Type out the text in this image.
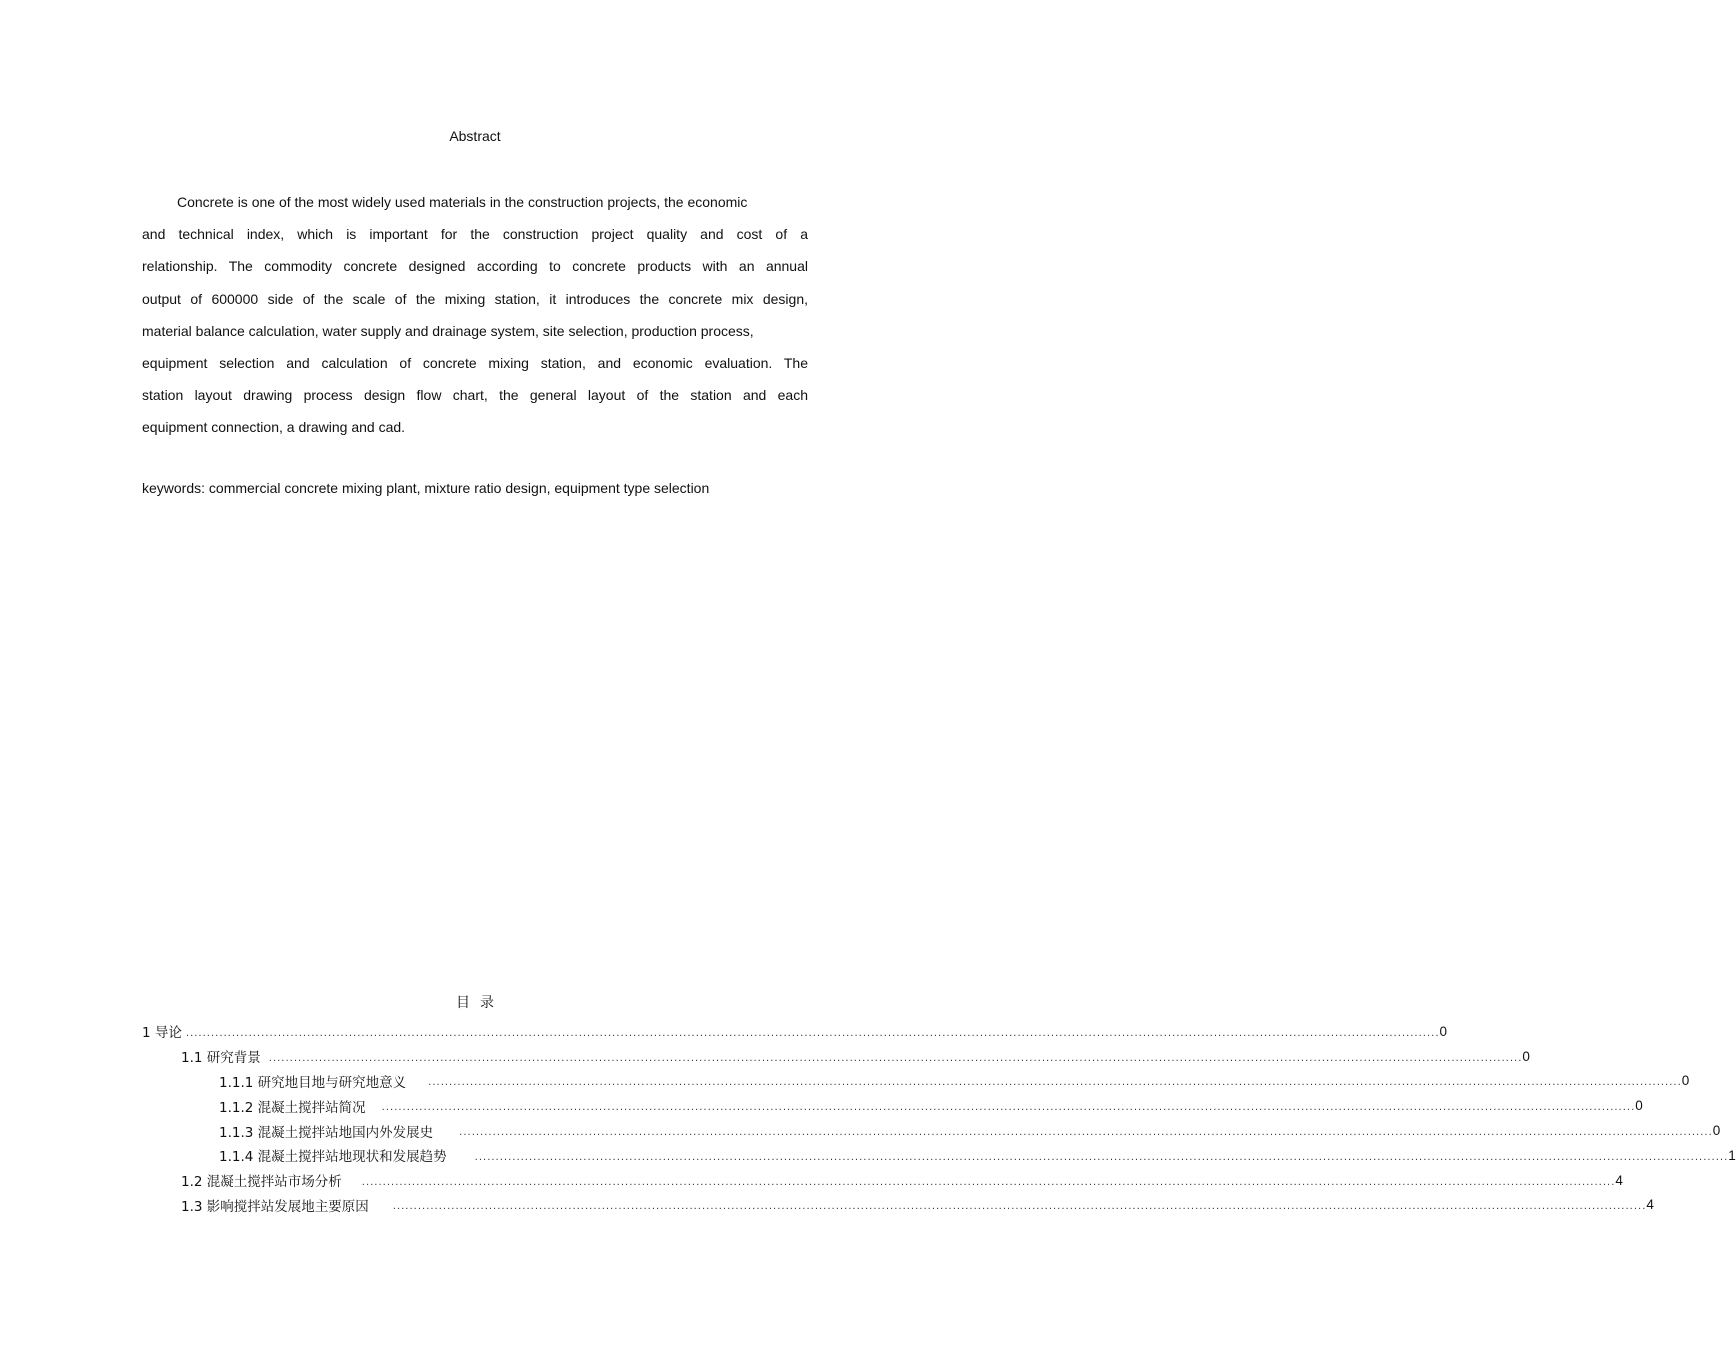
Abstract
Concrete is one of the most widely used materials in the construction projects, the economic
and technical index, which is important for the construction project quality and cost of a
relationship. The commodity concrete designed according to concrete products with an annual
output of 600000 side of the scale of the mixing station, it introduces the concrete mix design,
material balance calculation, water supply and drainage system, site selection, production process,
equipment selection and calculation of concrete mixing station, and economic evaluation. The
station layout drawing process design flow chart, the general layout of the station and each
equipment connection, a drawing and cad.
keywords: commercial concrete mixing plant, mixture ratio design, equipment type selection
目录
1 导论 ............................................................................................................................................................................................................................................................................................................ 0
1.1 研究背景 ............................................................................................................................................................................................................................................................................................................ 0
1.1.1 研究地目地与研究地意义	............................................................................................................................................................................................................................................................................................................ 0
1.1.2 混凝土搅拌站简况	............................................................................................................................................................................................................................................................................................................ 0
1.1.3 混凝土搅拌站地国内外发展史	............................................................................................................................................................................................................................................................................................................ 0
1.1.4 混凝土搅拌站地现状和发展趋势	............................................................................................................................................................................................................................................................................................................ 1
1.2 混凝土搅拌站市场分析	............................................................................................................................................................................................................................................................................................................ 4
1.3 影响搅拌站发展地主要原因	............................................................................................................................................................................................................................................................................................................ 4
